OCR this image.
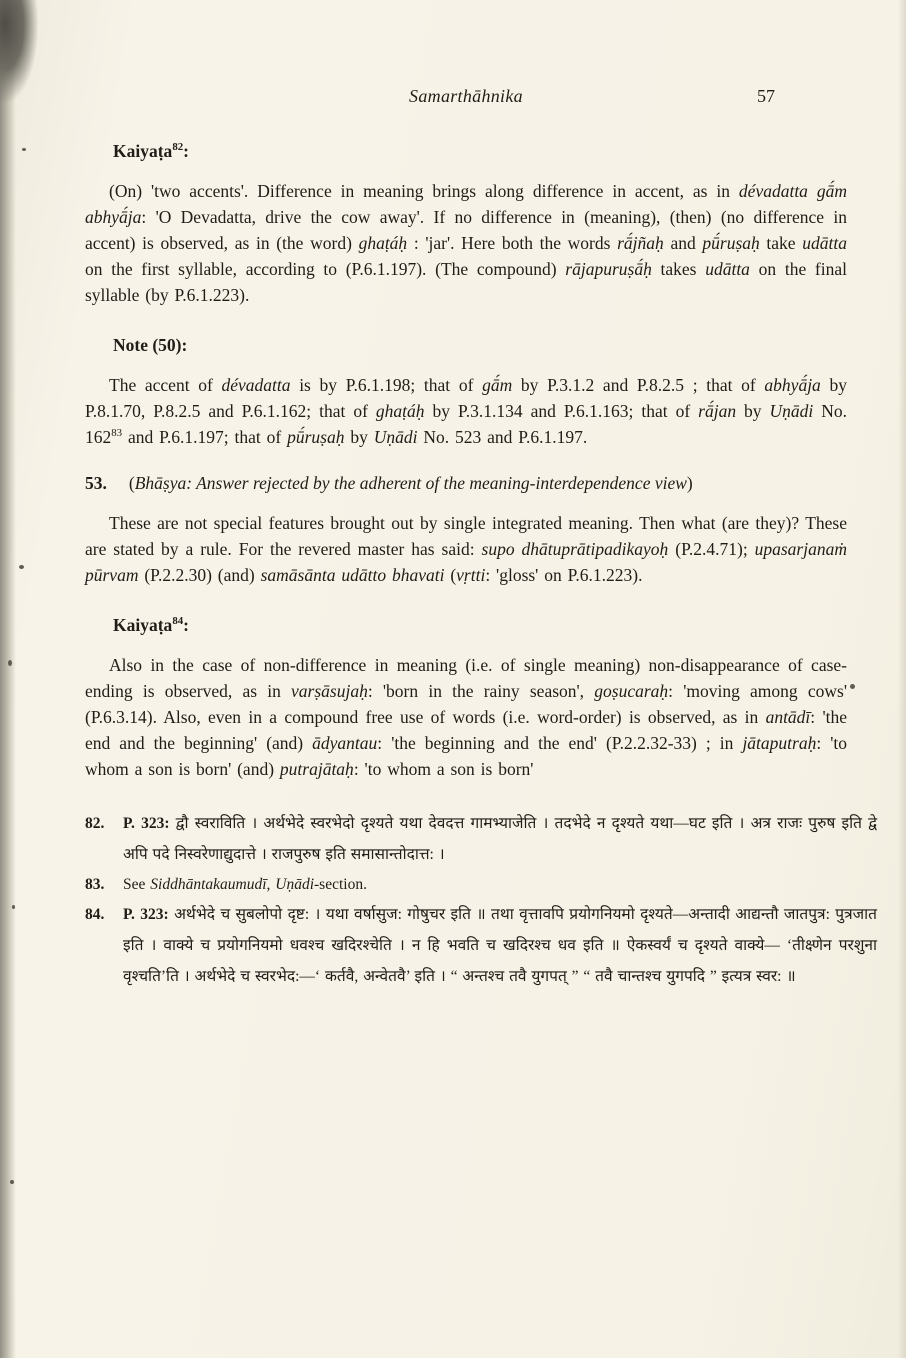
Samarthāhnika	57
Kaiyaṭa$^{82}$:

(On) 'two accents'. Difference in meaning brings along difference in accent, as in dévadatta gā́m abhyā́ja: 'O Devadatta, drive the cow away'. If no difference in (meaning), (then) (no difference in accent) is observed, as in (the word) ghaṭáḥ : 'jar'. Here both the words rā́jñaḥ and pū́ruṣaḥ take udātta on the first syllable, according to (P.6.1.197). (The compound) rājapuruṣā́ḥ takes udātta on the final syllable (by P.6.1.223).

Note (50):

The accent of dévadatta is by P.6.1.198; that of gā́m by P.3.1.2 and P.8.2.5 ; that of abhyā́ja by P.8.1.70, P.8.2.5 and P.6.1.162; that of ghaṭáḥ by P.3.1.134 and P.6.1.163; that of rā́jan by Uṇādi No. $162^{83}$ and P.6.1.197; that of pū́ruṣaḥ by Uṇādi No. 523 and P.6.1.197.

53. (Bhāṣya: Answer rejected by the adherent of the meaning-interdependence view)

These are not special features brought out by single integrated meaning. Then what (are they)? These are stated by a rule. For the revered master has said: supo dhātuprātipadikayoḥ (P.2.4.71); upasarjanaṁ pūrvam (P.2.2.30) (and) samāsānta udātto bhavati (vṛtti: 'gloss' on P.6.1.223).

Kaiyaṭa$^{84}$:

Also in the case of non-difference in meaning (i.e. of single meaning) non-disappearance of case-ending is observed, as in varṣāsujaḥ: 'born in the rainy season', goṣucaraḥ: 'moving among cows' (P.6.3.14). Also, even in a compound free use of words (i.e. word-order) is observed, as in antādī: 'the end and the beginning' (and) ādyantau: 'the beginning and the end' (P.2.2.32-33) ; in jātaputraḥ: 'to whom a son is born' (and) putrajātaḥ: 'to whom a son is born'

82. P. 323: द्वौ स्वराविति । अर्थभेदे स्वरभेदो दृश्यते यथा देवदत्त गामभ्याजेति । तदभेदे न दृश्यते यथा—घट इति । अत्र राजः पुरुष इति द्वे अपि पदे निस्वरेणाद्युदात्ते । राजपुरुष इति समासान्तोदात्त: ।
83. See Siddhāntakaumudī, Uṇādi-section.
84. P. 323: अर्थभेदे च सुबलोपो दृष्ट: । यथा वर्षासुज: गोषुचर इति ॥ तथा वृत्तावपि प्रयोगनियमो दृश्यते—अन्तादी आद्यन्तौ जातपुत्र: पुत्रजात इति । वाक्ये च प्रयोगनियमो धवश्च खदिरश्चेति । न हि भवति च खदिरश्च धव इति ॥ ऐकस्वर्यं च दृश्यते वाक्ये— ‘तीक्ष्णेन परशुना वृश्चति’ति । अर्थभेदे च स्वरभेद:—‘ कर्तवै, अन्वेतवै’ इति । “ अन्तश्च तवै युगपत् ” “ तवै चान्तश्च युगपदि ” इत्यत्र स्वर: ॥
